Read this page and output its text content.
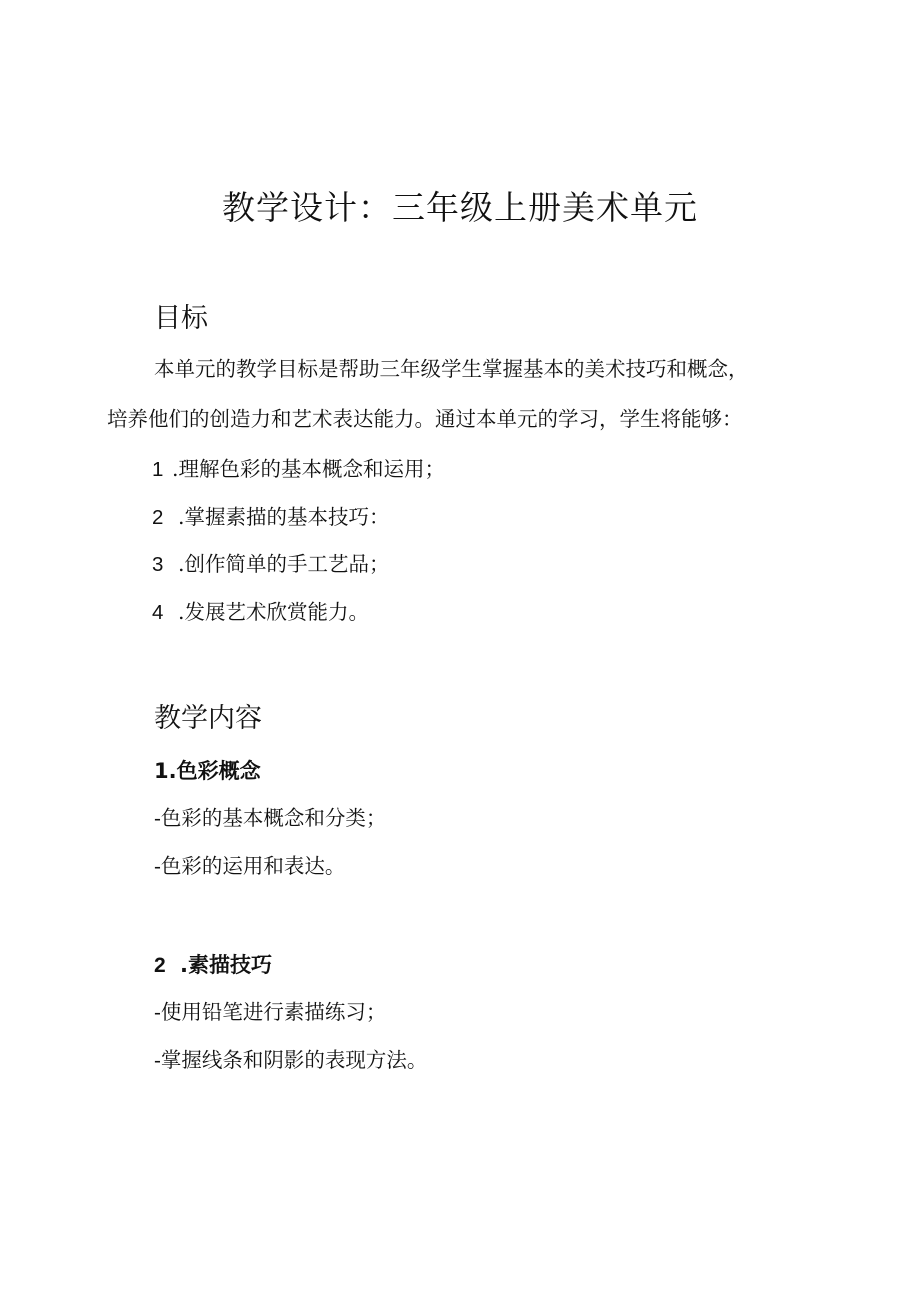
教学设计：三年级上册美术单元
目标
本单元的教学目标是帮助三年级学生掌握基本的美术技巧和概念，
培养他们的创造力和艺术表达能力。通过本单元的学习，学生将能够：
1 .理解色彩的基本概念和运用；
2 .掌握素描的基本技巧：
3 .创作简单的手工艺品；
4 .发展艺术欣赏能力。
教学内容
1.色彩概念
-色彩的基本概念和分类；
-色彩的运用和表达。
2 .素描技巧
-使用铅笔进行素描练习；
-掌握线条和阴影的表现方法。
